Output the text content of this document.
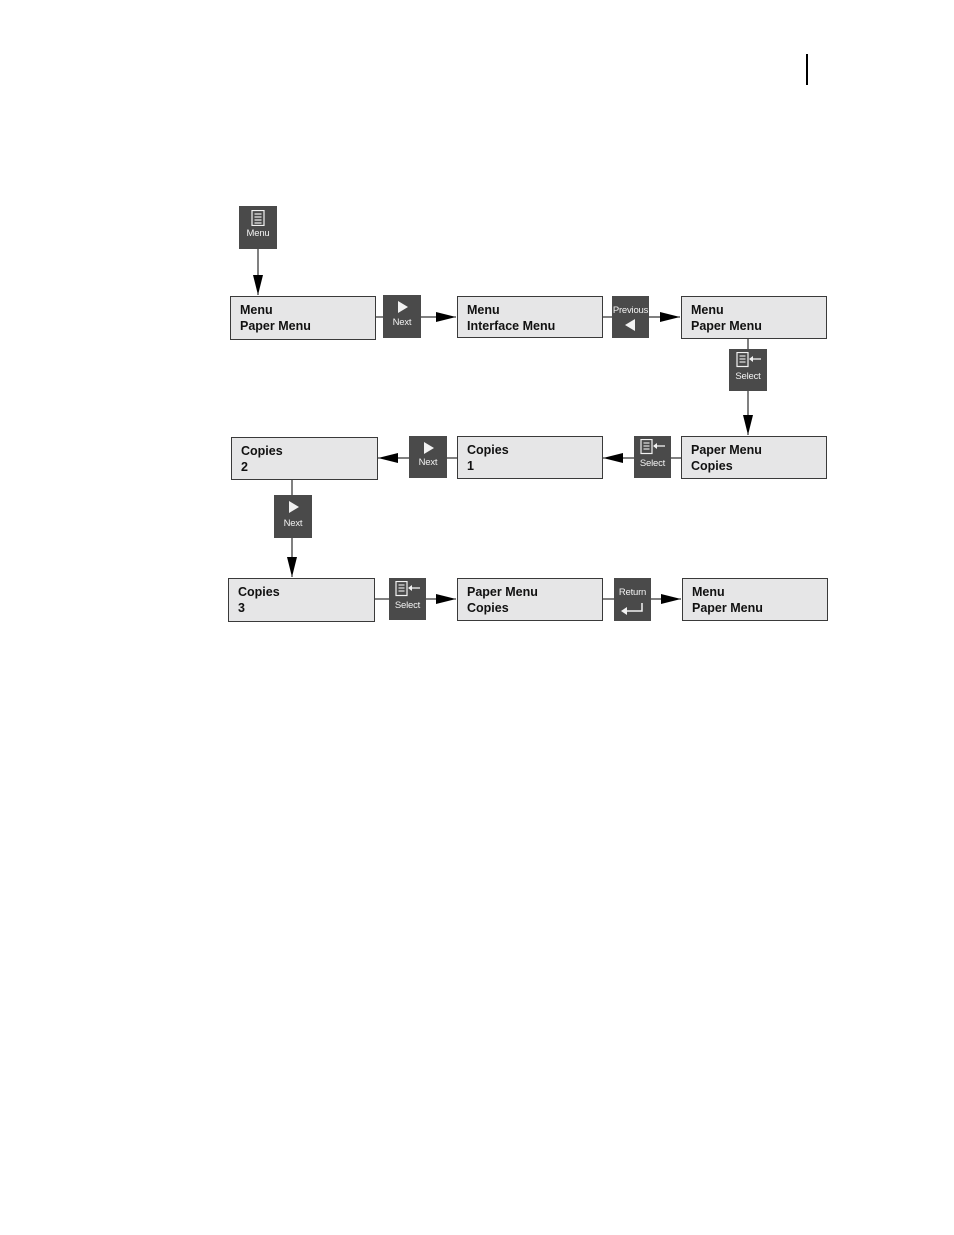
Menu
Next
Previous
Select
Select
Next
Next
Select
Return
Menu
Paper Menu
Menu
Interface Menu
Menu
Paper Menu
Paper Menu
Copies
Copies
1
Copies
2
Copies
3
Paper Menu
Copies
Menu
Paper Menu
